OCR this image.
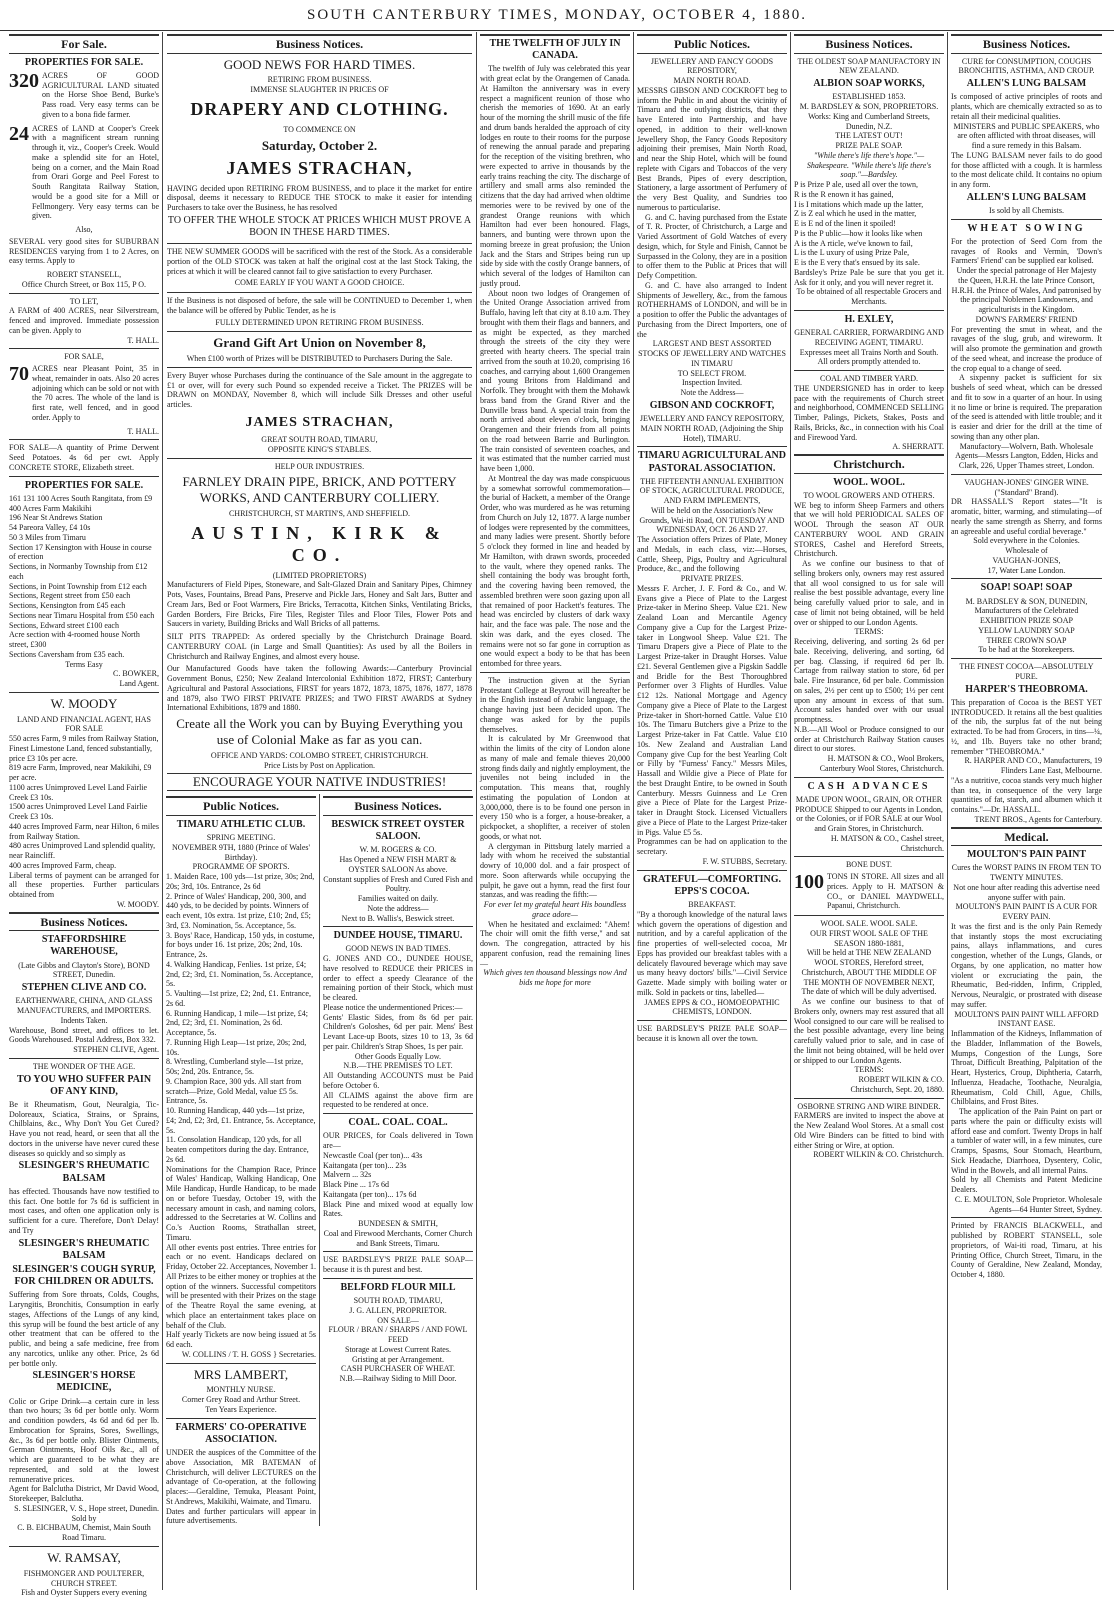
SOUTH CANTERBURY TIMES, MONDAY, OCTOBER 4, 1880.
For Sale.
PROPERTIES FOR SALE.
320 ACRES OF GOOD AGRICULTURAL LAND situated on the Horse Shoe Bend, Burke's Pass road. Very easy terms can be given to a bona fide farmer.
24 ACRES of LAND at Cooper's Creek with a magnificent stream running through it, viz., Cooper's Creek. Would make a splendid site for an Hotel, being on a corner, and the Main Road from Orari Gorge and Peel Forest to South Rangitata Railway Station, would be a good site for a Mill or Fellmongery. Very easy terms can be given.
Also,
SEVERAL very good sites for SUBURBAN RESIDENCES varying from 1 to 2 Acres, on easy terms. Apply to
ROBERT STANSELL,
Office Church Street, or Box 115, P O.
TO LET,
A FARM of 400 ACRES, near Silverstream, fenced and improved. Immediate possession can be given. Apply to
T. HALL.
FOR SALE,
70 ACRES near Pleasant Point, 35 in wheat, remainder in oats. Also 20 acres adjoining which can be sold or not with the 70 acres. The whole of the land is first rate, well fenced, and in good order. Apply to
T. HALL.
FOR SALE—A quantity of Prime Derwent Seed Potatoes. 4s 6d per cwt. Apply CONCRETE STORE, Elizabeth street.
PROPERTIES FOR SALE.
161 131 100 Acres South Rangitata, from £9
400 Acres Farm Makikihi
196 Near St Andrews Station
54 Pareora Valley, £4 10s
50 3 Miles from Timaru
Section 17 Kensington with House in course of erection
Sections, in Normanby Township from £12 each
Sections, in Point Township from £12 each
Sections, Regent street from £50 each
Sections, Kensington from £45 each
Sections near Timaru Hospital from £50 each
Sections, Edward street £100 each
Acre section with 4-roomed house North street, £300
Sections Caversham from £35 each.
Terms Easy
C. BOWKER,
Land Agent.
W. MOODY
LAND AND FINANCIAL AGENT, HAS FOR SALE
550 acres Farm, 9 miles from Railway Station, Finest Limestone Land, fenced substantially, price £3 10s per acre.
819 acre Farm, Improved, near Makikihi, £9 per acre.
1100 acres Unimproved Level Land Fairlie Creek £3 10s.
1500 acres Unimproved Level Land Fairlie Creek £3 10s.
440 acres Improved Farm, near Hilton, 6 miles from Railway Station.
480 acres Unimproved Land splendid quality, near Raincliff.
400 acres Improved Farm, cheap.
Liberal terms of payment can be arranged for all these properties. Further particulars obtained from
W. MOODY.
Business Notices.
STAFFORDSHIRE WAREHOUSE,
(Late Gibbs and Clayton's Store), BOND STREET, Dunedin.
STEPHEN CLIVE AND CO.
EARTHENWARE, CHINA, AND GLASS MANUFACTURERS, and IMPORTERS.
Indents Taken.
Warehouse, Bond street, and offices to let. Goods Warehoused. Postal Address, Box 332.
STEPHEN CLIVE, Agent.
THE WONDER OF THE AGE.
TO YOU WHO SUFFER PAIN OF ANY KIND,
Be it Rheumatism, Gout, Neuralgia, Tic-Doloreaux, Sciatica, Strains, or Sprains, Chilblains, &c., Why Don't You Get Cured? Have you not read, heard, or seen that all the doctors in the universe have never cured these diseases so quickly and so simply as
SLESINGER'S RHEUMATIC BALSAM
has effected. Thousands have now testified to this fact. One bottle for 7s 6d is sufficient in most cases, and often one application only is sufficient for a cure. Therefore, Don't Delay! and Try
SLESINGER'S RHEUMATIC BALSAM
SLESINGER'S COUGH SYRUP, FOR CHILDREN OR ADULTS.
Suffering from Sore throats, Colds, Coughs, Laryngitis, Bronchitis, Consumption in early stages, Affections of the Lungs of any kind, this syrup will be found the best article of any other treatment that can be offered to the public, and being a safe medicine, free from any narcotics, unlike any other. Price, 2s 6d per bottle only.
SLESINGER'S HORSE MEDICINE,
Colic or Gripe Drink—a certain cure in less than two hours; 3s 6d per bottle only. Worm and condition powders, 4s 6d and 6d per lb. Embrocation for Sprains, Sores, Swellings, &c., 3s 6d per bottle only. Blister Ointments, German Ointments, Hoof Oils &c., all of which are guaranteed to be what they are represented, and sold at the lowest remunerative prices.
Agent for Balclutha District, Mr David Wood, Storekeeper, Balclutha.
S. SLESINGER, V. S., Hope street, Dunedin.
Sold by
C. B. EICHBAUM, Chemist, Main South Road Timaru.
W. RAMSAY,
FISHMONGER AND POULTERER, CHURCH STREET.
Fish and Oyster Suppers every evening
Business Notices.
GOOD NEWS FOR HARD TIMES.
RETIRING FROM BUSINESS.
IMMENSE SLAUGHTER IN PRICES OF
DRAPERY AND CLOTHING.
TO COMMENCE ON
Saturday, October 2.
JAMES STRACHAN,
HAVING decided upon RETIRING FROM BUSINESS, and to place it the market for entire disposal, deems it necessary to REDUCE THE STOCK to make it easier for intending Purchasers to take over the Business, he has resolved
TO OFFER THE WHOLE STOCK AT PRICES WHICH MUST PROVE A BOON IN THESE HARD TIMES.
THE NEW SUMMER GOODS will be sacrificed with the rest of the Stock. As a considerable portion of the OLD STOCK was taken at half the original cost at the last Stock Taking, the prices at which it will be cleared cannot fail to give satisfaction to every Purchaser.
COME EARLY IF YOU WANT A GOOD CHOICE.
If the Business is not disposed of before, the sale will be CONTINUED to December 1, when the balance will be offered by Public Tender, as he is
FULLY DETERMINED UPON RETIRING FROM BUSINESS.
Grand Gift Art Union on November 8,
When £100 worth of Prizes will be DISTRIBUTED to Purchasers During the Sale.
Every Buyer whose Purchases during the continuance of the Sale amount in the aggregate to £1 or over, will for every such Pound so expended receive a Ticket. The PRIZES will be DRAWN on MONDAY, November 8, which will include Silk Dresses and other useful articles.
JAMES STRACHAN,
GREAT SOUTH ROAD, TIMARU,
OPPOSITE KING'S STABLES.
HELP OUR INDUSTRIES.
FARNLEY DRAIN PIPE, BRICK, AND POTTERY WORKS, AND CANTERBURY COLLIERY.
CHRISTCHURCH, ST MARTIN'S, AND SHEFFIELD.
AUSTIN, KIRK & CO.
(LIMITED PROPRIETORS)
Manufacturers of Field Pipes, Stoneware, and Salt-Glazed Drain and Sanitary Pipes, Chimney Pots, Vases, Fountains, Bread Pans, Preserve and Pickle Jars, Honey and Salt Jars, Butter and Cream Jars, Bed or Foot Warmers, Fire Bricks, Terracotta, Kitchen Sinks, Ventilating Bricks, Garden Borders, Fire Bricks, Fire Tiles, Register Tiles and Floor Tiles, Flower Pots and Saucers in variety, Building Bricks and Wall Bricks of all patterns.
SILT PITS TRAPPED: As ordered specially by the Christchurch Drainage Board. CANTERBURY COAL (in Large and Small Quantities): As used by all the Boilers in Christchurch and Railway Engines, and almost every house.
Our Manufactured Goods have taken the following Awards:—Canterbury Provincial Government Bonus, £250; New Zealand Intercolonial Exhibition 1872, FIRST; Canterbury Agricultural and Pastoral Associations, FIRST for years 1872, 1873, 1875, 1876, 1877, 1878 and 1879, also TWO FIRST PRIVATE PRIZES; and TWO FIRST AWARDS at Sydney International Exhibitions, 1879 and 1880.
Create all the Work you can by Buying Everything you use of Colonial Make as far as you can.
OFFICE AND YARDS: COLOMBO STREET, CHRISTCHURCH.
Price Lists by Post on Application.
ENCOURAGE YOUR NATIVE INDUSTRIES!
Public Notices.
TIMARU ATHLETIC CLUB.
SPRING MEETING.
NOVEMBER 9TH, 1880 (Prince of Wales' Birthday).
PROGRAMME OF SPORTS.
1. Maiden Race, 100 yds—1st prize, 30s; 2nd, 20s; 3rd, 10s. Entrance, 2s 6d
2. Prince of Wales' Handicap, 200, 300, and 440 yds, to be decided by points. Winners of each event, 10s extra. 1st prize, £10; 2nd, £5; 3rd, £3. Nomination, 5s. Acceptance, 5s.
3. Boys' Race, Handicap, 150 yds, in costume, for boys under 16. 1st prize, 20s; 2nd, 10s. Entrance, 2s.
4. Walking Handicap, Fenlies. 1st prize, £4; 2nd, £2; 3rd, £1. Nomination, 5s. Acceptance, 5s.
5. Vaulting—1st prize, £2; 2nd, £1. Entrance, 2s 6d.
6. Running Handicap, 1 mile—1st prize, £4; 2nd, £2; 3rd, £1. Nomination, 2s 6d. Acceptance, 5s.
7. Running High Leap—1st prize, 20s; 2nd, 10s.
8. Wrestling, Cumberland style—1st prize, 50s; 2nd, 20s. Entrance, 5s.
9. Champion Race, 300 yds. All start from scratch—Prize, Gold Medal, value £5 5s. Entrance, 5s.
10. Running Handicap, 440 yds—1st prize, £4; 2nd, £2; 3rd, £1. Entrance, 5s. Acceptance, 5s.
11. Consolation Handicap, 120 yds, for all beaten competitors during the day. Entrance, 2s 6d.
Nominations for the Champion Race, Prince of Wales' Handicap, Walking Handicap, One Mile Handicap, Hurdle Handicap, to be made on or before Tuesday, October 19, with the necessary amount in cash, and naming colors, addressed to the Secretaries at W. Collins and Co.'s Auction Rooms, Strathallan street, Timaru.
All other events post entries. Three entries for each or no event. Handicaps declared on Friday, October 22. Acceptances, November 1. All Prizes to be either money or trophies at the option of the winners. Successful competitors will be presented with their Prizes on the stage of the Theatre Royal the same evening, at which place an entertainment takes place on behalf of the Club.
Half yearly Tickets are now being issued at 5s 6d each.
W. COLLINS / T. H. GOSS } Secretaries.
MRS LAMBERT,
MONTHLY NURSE.
Corner Grey Road and Arthur Street.
Ten Years Experience.
FARMERS' CO-OPERATIVE ASSOCIATION.
UNDER the auspices of the Committee of the above Association, MR BATEMAN of Christchurch, will deliver LECTURES on the advantage of Co-operation, at the following places:—Geraldine, Temuka, Pleasant Point, St Andrews, Makikihi, Waimate, and Timaru.
Dates and further particulars will appear in future advertisements.
Business Notices.
BESWICK STREET OYSTER SALOON.
W. M. ROGERS & CO.
Has Opened a NEW FISH MART & OYSTER SALOON As above.
Constant supplies of Fresh and Cured Fish and Poultry.
Families waited on daily.
Note the address—
Next to B. Wallis's, Beswick street.
DUNDEE HOUSE, TIMARU.
GOOD NEWS IN BAD TIMES.
G. JONES AND CO., DUNDEE HOUSE, have resolved to REDUCE their PRICES in order to effect a speedy Clearance of the remaining portion of their Stock, which must be cleared.
Please notice the undermentioned Prices:—
Gents' Elastic Sides, from 8s 6d per pair. Children's Goloshes, 6d per pair. Mens' Best Levant Lace-up Boots, sizes 10 to 13, 3s 6d per pair. Children's Strap Shoes, 1s per pair.
Other Goods Equally Low.
N.B.—THE PREMISES TO LET.
All Outstanding ACCOUNTS must be Paid before October 6.
All CLAIMS against the above firm are requested to be rendered at once.
COAL. COAL. COAL.
OUR PRICES, for Coals delivered in Town are—
Newcastle Coal (per ton)... 43s
Kaitangata (per ton)... 23s
Malvern ... 32s
Black Pine ... 17s 6d
Kaitangata (per ton)... 17s 6d
Black Pine and mixed wood at equally low Rates.
BUNDESEN & SMITH,
Coal and Firewood Merchants, Corner Church and Bank Streets, Timaru.
USE BARDSLEY'S PRIZE PALE SOAP—because it is th purest and best.
BELFORD FLOUR MILL
SOUTH ROAD, TIMARU,
J. G. ALLEN, PROPRIETOR.
ON SALE—
FLOUR / BRAN / SHARPS / AND FOWL FEED
Storage at Lowest Current Rates.
Gristing at per Arrangement.
CASH PURCHASER OF WHEAT.
N.B.—Railway Siding to Mill Door.
THE TWELFTH OF JULY IN CANADA.
The twelfth of July was celebrated this year with great eclat by the Orangemen of Canada. At Hamilton the anniversary was in every respect a magnificent reunion of those who cherish the memories of 1690. At an early hour of the morning the shrill music of the fife and drum bands heralded the approach of city lodges en route to their rooms for the purpose of renewing the annual parade and preparing for the reception of the visiting brethren, who were expected to arrive in thousands by the early trains reaching the city. The discharge of artillery and small arms also reminded the citizens that the day had arrived when oldtime memories were to be revived by one of the grandest Orange reunions with which Hamilton had ever been honoured. Flags, banners, and bunting were thrown upon the morning breeze in great profusion; the Union Jack and the Stars and Stripes being run up side by side with the costly Orange banners, of which several of the lodges of Hamilton can justly proud.
About noon two lodges of Orangemen of the United Orange Association arrived from Buffalo, having left that city at 8.10 a.m. They brought with them their flags and banners, and as might be expected, as they marched through the streets of the city they were greeted with hearty cheers. The special train arrived from the south at 10.20, comprising 16 coaches, and carrying about 1,600 Orangemen and young Britons from Haldimand and Norfolk. They brought with them the Mohawk brass band from the Grand River and the Dunville brass band. A special train from the north arrived about eleven o'clock, bringing Orangemen and their friends from all points on the road between Barrie and Burlington. The train consisted of seventeen coaches, and it was estimated that the number carried must have been 1,000.
At Montreal the day was made conspicuous by a somewhat sorrowful commemoration—the burial of Hackett, a member of the Orange Order, who was murdered as he was returning from Church on July 12, 1877. A large number of lodges were represented by the committees, and many ladies were present. Shortly before 5 o'clock they formed in line and headed by Mr Hamilton, with drawn swords, proceeded to the vault, where they opened ranks. The shell containing the body was brought forth, and the covering having been removed, the assembled brethren were soon gazing upon all that remained of poor Hackett's features. The head was encircled by clusters of dark waxy hair, and the face was pale. The nose and the skin was dark, and the eyes closed. The remains were not so far gone in corruption as one would expect a body to be that has been entombed for three years.
The instruction given at the Syrian Protestant College at Beyrout will hereafter be in the English instead of Arabic language, the change having just been decided upon. The change was asked for by the pupils themselves.
It is calculated by Mr Greenwood that within the limits of the city of London alone as many of male and female thieves 20,000 strong finds daily and nightly employment, the juveniles not being included in the computation. This means that, roughly estimating the population of London at 3,000,000, there is to be found one person in every 150 who is a forger, a house-breaker, a pickpocket, a shoplifter, a receiver of stolen goods, or what not.
A clergyman in Pittsburg lately married a lady with whom he received the substantial dowry of 10,000 dol. and a fair prospect of more. Soon afterwards while occupying the pulpit, he gave out a hymn, read the first four stanzas, and was reading the fifth:—
For ever let my grateful heart His boundless grace adore—
When he hesitated and exclaimed: "Ahem! The choir will omit the fifth verse," and sat down. The congregation, attracted by his apparent confusion, read the remaining lines—
Which gives ten thousand blessings now And bids me hope for more
Public Notices.
JEWELLERY AND FANCY GOODS REPOSITORY,
MAIN NORTH ROAD.
MESSRS GIBSON AND COCKROFT beg to inform the Public in and about the vicinity of Timaru and the outlying districts, that they have Entered into Partnership, and have opened, in addition to their well-known Jewellery Shop, the Fancy Goods Repository adjoining their premises, Main North Road, and near the Ship Hotel, which will be found replete with Cigars and Tobaccos of the very Best Brands, Pipes of every description, Stationery, a large assortment of Perfumery of the very Best Quality, and Sundries too numerous to particularise.
G. and C. having purchased from the Estate of T. R. Procter, of Christchurch, a Large and Varied Assortment of Gold Watches of every design, which, for Style and Finish, Cannot be Surpassed in the Colony, they are in a position to offer them to the Public at Prices that will Defy Competition.
G. and C. have also arranged to Indent Shipments of Jewellery, &c., from the famous ROTHERHAMS of LONDON, and will be in a position to offer the Public the advantages of Purchasing from the Direct Importers, one of the
LARGEST AND BEST ASSORTED STOCKS OF JEWELLERY AND WATCHES IN TIMARU
TO SELECT FROM.
Inspection Invited.
Note the Address—
GIBSON AND COCKROFT,
JEWELLERY AND FANCY REPOSITORY, MAIN NORTH ROAD, (Adjoining the Ship Hotel), TIMARU.
TIMARU AGRICULTURAL AND PASTORAL ASSOCIATION.
THE FIFTEENTH ANNUAL EXHIBITION
OF STOCK, AGRICULTURAL PRODUCE, AND FARM IMPLEMENTS,
Will be held on the Association's New Grounds, Wai-iti Road, ON TUESDAY AND WEDNESDAY, OCT. 26 AND 27.
The Association offers Prizes of Plate, Money and Medals, in each class, viz:—Horses, Cattle, Sheep, Pigs, Poultry and Agricultural Produce, &c., and the following
PRIVATE PRIZES.
Messrs F. Archer, J. F. Ford & Co., and W. Evans give a Piece of Plate to the Largest Prize-taker in Merino Sheep. Value £21. New Zealand Loan and Mercantile Agency Company give a Cup for the Largest Prize-taker in Longwool Sheep. Value £21. The Timaru Drapers give a Piece of Plate to the Largest Prize-taker in Draught Horses. Value £21. Several Gentlemen give a Pigskin Saddle and Bridle for the Best Thoroughbred Performer over 3 Flights of Hurdles. Value £12 12s. National Mortgage and Agency Company give a Piece of Plate to the Largest Prize-taker in Short-horned Cattle. Value £10 10s. The Timaru Butchers give a Prize to the Largest Prize-taker in Fat Cattle. Value £10 10s. New Zealand and Australian Land Company give Cup for the best Yearling Colt or Filly by "Furness' Fancy." Messrs Miles, Hassall and Wildie give a Piece of Plate for the best Draught Entire, to be owned in South Canterbury. Messrs Guinness and Le Cren give a Piece of Plate for the Largest Prize-taker in Draught Stock. Licensed Victuallers give a Piece of Plate to the Largest Prize-taker in Pigs. Value £5 5s.
Programmes can be had on application to the secretary.
F. W. STUBBS, Secretary.
GRATEFUL—COMFORTING. EPPS'S COCOA.
BREAKFAST.
"By a thorough knowledge of the natural laws which govern the operations of digestion and nutrition, and by a careful application of the fine properties of well-selected cocoa, Mr Epps has provided our breakfast tables with a delicately flavoured beverage which may save us many heavy doctors' bills."—Civil Service Gazette. Made simply with boiling water or milk. Sold in packets or tins, labelled—
JAMES EPPS & CO., HOMOEOPATHIC CHEMISTS, LONDON.
USE BARDSLEY'S PRIZE PALE SOAP—because it is known all over the town.
Business Notices.
THE OLDEST SOAP MANUFACTORY IN NEW ZEALAND.
ALBION SOAP WORKS,
ESTABLISHED 1853.
M. BARDSLEY & SON, PROPRIETORS.
Works: King and Cumberland Streets, Dunedin, N.Z.
THE LATEST OUT!
PRIZE PALE SOAP.
"While there's life there's hope."—Shakespeare. "While there's life there's soap."—Bardsley.
P is Prize P ale, used all over the town,
R is the R enown it has gained,
I is I mitations which made up the latter,
Z is Z eal which he used in the matter,
E is E nd of the linen it spoiled!
P is the P ublic—how it looks like when
A is the A rticle, we've known to fail,
L is the L uxury of using Prize Pale,
E is the E very that's ensued by its sale.
Bardsley's Prize Pale be sure that you get it. Ask for it only, and you will never regret it.
To be obtained of all respectable Grocers and Merchants.
H. EXLEY,
GENERAL CARRIER, FORWARDING AND RECEIVING AGENT, TIMARU.
Expresses meet all Trains North and South.
All orders promptly attended to.
COAL AND TIMBER YARD.
THE UNDERSIGNED has in order to keep pace with the requirements of Church street and neighborhood, COMMENCED SELLING Timber, Palings, Pickets, Stakes, Posts and Rails, Bricks, &c., in connection with his Coal and Firewood Yard.
A. SHERRATT.
Christchurch.
WOOL. WOOL.
TO WOOL GROWERS AND OTHERS.
WE beg to inform Sheep Farmers and others that we will hold PERIODICAL SALES OF WOOL Through the season AT OUR CANTERBURY WOOL AND GRAIN STORES, Cashel and Hereford Streets, Christchurch.
As we confine our business to that of selling brokers only, owners may rest assured that all wool consigned to us for sale will realise the best possible advantage, every line being carefully valued prior to sale, and in case of limit not being obtained, will be held over or shipped to our London Agents.
TERMS:
Receiving, delivering, and sorting 2s 6d per bale. Receiving, delivering, and sorting, 6d per bag. Classing, if required 6d per lb. Cartage from railway station to store, 6d per bale. Fire Insurance, 6d per bale. Commission on sales, 2½ per cent up to £500; 1½ per cent upon any amount in excess of that sum. Account sales handed over with our usual promptness.
N.B.—All Wool or Produce consigned to our order at Christchurch Railway Station causes direct to our stores.
H. MATSON & CO., Wool Brokers, Canterbury Wool Stores, Christchurch.
CASH ADVANCES
MADE UPON WOOL, GRAIN, OR OTHER PRODUCE Shipped to our Agents in London, or the Colonies, or if FOR SALE at our Wool and Grain Stores, in Christchurch.
H. MATSON & CO., Cashel street, Christchurch.
BONE DUST.
100 TONS IN STORE. All sizes and all prices. Apply to H. MATSON & CO., or DANIEL MAYDWELL, Papanui, Christchurch.
WOOL SALE. WOOL SALE.
OUR FIRST WOOL SALE OF THE SEASON 1880-1881,
Will be held at THE NEW ZEALAND WOOL STORES, Hereford street, Christchurch, ABOUT THE MIDDLE OF THE MONTH OF NOVEMBER NEXT,
The date of which will be duly advertised.
As we confine our business to that of Brokers only, owners may rest assured that all Wool consigned to our care will be realised to the best possible advantage, every line being carefully valued prior to sale, and in case of the limit not being obtained, will be held over or shipped to our London Agents.
TERMS:
ROBERT WILKIN & CO.
Christchurch, Sept. 20, 1880.
OSBORNE STRING AND WIRE BINDER.
FARMERS are invited to inspect the above at the New Zealand Wool Stores. At a small cost Old Wire Binders can be fitted to bind with either String or Wire, at option.
ROBERT WILKIN & CO. Christchurch.
Business Notices.
CURE for CONSUMPTION, COUGHS BRONCHITIS, ASTHMA, AND CROUP.
ALLEN'S LUNG BALSAM
Is composed of active principles of roots and plants, which are chemically extracted so as to retain all their medicinal qualities.
MINISTERS and PUBLIC SPEAKERS, who are often afflicted with throat diseases, will find a sure remedy in this Balsam.
The LUNG BALSAM never fails to do good for those afflicted with a cough. It is harmless to the most delicate child. It contains no opium in any form.
ALLEN'S LUNG BALSAM
Is sold by all Chemists.
WHEAT SOWING
For the protection of Seed Corn from the ravages of Rooks and Vermin, 'Down's Farmers' Friend' can be supplied ear kolised.
Under the special patronage of Her Majesty the Queen, H.R.H. the late Prince Consort, H.R.H. the Prince of Wales, And patronised by the principal Noblemen Landowners, and agriculturists in the Kingdom.
DOWN'S FARMERS' FRIEND
For preventing the smut in wheat, and the ravages of the slug, grub, and wireworm. It will also promote the germination and growth of the seed wheat, and increase the produce of the crop equal to a change of seed.
A sixpenny packet is sufficient for six bushels of seed wheat, which can be dressed and fit to sow in a quarter of an hour. In using it no lime or brine is required. The preparation of the seed is attended with little trouble; and it is easier and drier for the drill at the time of sowing than any other plan.
Manufactory—Wolvern, Bath. Wholesale Agents—Messrs Langton, Edden, Hicks and Clark, 226, Upper Thames street, London.
VAUGHAN-JONES' GINGER WINE.
("Standard" Brand).
DR HASSALL'S Report states—"It is aromatic, bitter, warming, and stimulating—of nearly the same strength as Sherry, and forms an agreeable and useful cordial beverage."
Sold everywhere in the Colonies.
Wholesale of
VAUGHAN-JONES,
17, Water Lane London.
SOAP! SOAP! SOAP
M. BARDSLEY & SON, DUNEDIN, Manufacturers of the Celebrated
EXHIBITION PRIZE SOAP
YELLOW LAUNDRY SOAP
THREE CROWN SOAP
To be had at the Storekeepers.
THE FINEST COCOA—ABSOLUTELY PURE.
HARPER'S THEOBROMA.
This preparation of Cocoa is the BEST YET INTRODUCED. It retains all the best qualities of the nib, the surplus fat of the nut being extracted. To be had from Grocers, in tins—¼, ½, and 1lb. Buyers take no other brand; remember "THEOBROMA."
R. HARPER AND CO., Manufacturers, 19 Flinders Lane East, Melbourne.
"As a nutritive, cocoa stands very much higher than tea, in consequence of the very large quantities of fat, starch, and albumen which it contains."—Dr. HASSALL.
TRENT BROS., Agents for Canterbury.
Medical.
MOULTON'S PAIN PAINT
Cures the WORST PAINS IN FROM TEN TO TWENTY MINUTES.
Not one hour after reading this advertise need anyone suffer with pain.
MOULTON'S PAIN PAINT IS A CUR FOR EVERY PAIN.
It was the first and is the only Pain Remedy that instantly stops the most excruciating pains, allays inflammations, and cures congestion, whether of the Lungs, Glands, or Organs, by one application, no matter how violent or excruciating the pain, the Rheumatic, Bed-ridden, Infirm, Crippled, Nervous, Neuralgic, or prostrated with disease may suffer.
MOULTON'S PAIN PAINT WILL AFFORD INSTANT EASE.
Inflammation of the Kidneys, Inflammation of the Bladder, Inflammation of the Bowels, Mumps, Congestion of the Lungs, Sore Throat, Difficult Breathing, Palpitation of the Heart, Hysterics, Croup, Diphtheria, Catarrh, Influenza, Headache, Toothache, Neuralgia, Rheumatism, Cold Chill, Ague, Chills, Chilblains, and Frost Bites.
The application of the Pain Paint on part or parts where the pain or difficulty exists will afford ease and comfort. Twenty Drops in half a tumbler of water will, in a few minutes, cure Cramps, Spasms, Sour Stomach, Heartburn, Sick Headache, Diarrhoea, Dysentery, Colic, Wind in the Bowels, and all internal Pains.
Sold by all Chemists and Patent Medicine Dealers.
C. E. MOULTON, Sole Proprietor. Wholesale Agents—64 Hunter Street, Sydney.
Printed by FRANCIS BLACKWELL, and published by ROBERT STANSELL, sole proprietors, of Wai-iti road, Timaru, at his Printing Office, Church Street, Timaru, in the County of Geraldine, New Zealand, Monday, October 4, 1880.
